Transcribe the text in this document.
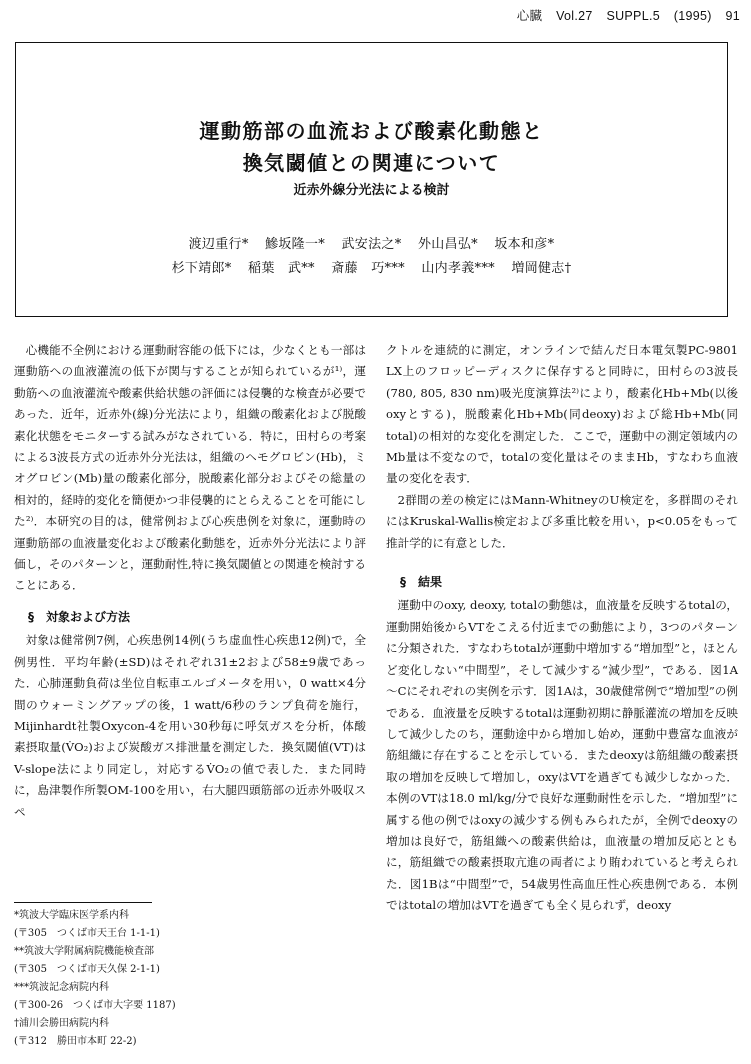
心臓 Vol.27 SUPPL.5 (1995) 91
運動筋部の血流および酸素化動態と
換気閾値との関連について
近赤外線分光法による検討
渡辺重行* 鰺坂隆一* 武安法之* 外山昌弘* 坂本和彦*
杉下靖郎* 稲葉　武** 斎藤　巧*** 山内孝義*** 増岡健志†

心機能不全例における運動耐容能の低下には，少なくとも一部は運動筋への血液灌流の低下が関与することが知られているが¹⁾，運動筋への血液灌流や酸素供給状態の評価には侵襲的な検査が必要であった．近年，近赤外(線)分光法により，組織の酸素化および脱酸素化状態をモニターする試みがなされている．特に，田村らの考案による3波長方式の近赤外分光法は，組織のヘモグロビン(Hb)，ミオグロビン(Mb)量の酸素化部分，脱酸素化部分およびその総量の相対的，経時的変化を簡便かつ非侵襲的にとらえることを可能にした²⁾．本研究の目的は，健常例および心疾患例を対象に，運動時の運動筋部の血液量変化および酸素化動態を，近赤外分光法により評価し，そのパターンと，運動耐性,特に換気閾値との関連を検討することにある．

§　対象および方法

対象は健常例7例，心疾患例14例(うち虚血性心疾患12例)で，全例男性．平均年齢(±SD)はそれぞれ31±2および58±9歳であった．心肺運動負荷は坐位自転車エルゴメータを用い，0 watt×4分間のウォーミングアップの後，1 watt/6秒のランプ負荷を施行，Mijinhardt社製Oxycon-4を用い30秒毎に呼気ガスを分析，体酸素摂取量(V̇O₂)および炭酸ガス排泄量を測定した．換気閾値(VT)はV-slope法により同定し，対応するV̇O₂の値で表した．また同時に，島津製作所製OM-100を用い，右大腿四頭筋部の近赤外吸収スペ

*筑波大学臨床医学系内科
(〒305　つくば市天王台 1-1-1)
**筑波大学附属病院機能検査部
(〒305　つくば市天久保 2-1-1)
***筑波記念病院内科
(〒300-26　つくば市大字要 1187)
†浦川会勝田病院内科
(〒312　勝田市本町 22-2)

クトルを連続的に測定，オンラインで結んだ日本電気製PC-9801 LX上のフロッピーディスクに保存すると同時に，田村らの3波長(780, 805, 830 nm)吸光度演算法²⁾により，酸素化Hb+Mb(以後oxyとする)，脱酸素化Hb+Mb(同deoxy)および総Hb+Mb(同total)の相対的な変化を測定した．ここで，運動中の測定領域内のMb量は不変なので，totalの変化量はそのままHb，すなわち血液量の変化を表す．

2群間の差の検定にはMann-WhitneyのU検定を，多群間のそれにはKruskal-Wallis検定および多重比較を用い，p<0.05をもって推計学的に有意とした．

§　結果

運動中のoxy, deoxy, totalの動態は，血液量を反映するtotalの，運動開始後からVTをこえる付近までの動態により，3つのパターンに分類された．すなわちtotalが運動中増加する“増加型”と，ほとんど変化しない“中間型”，そして減少する“減少型”，である．図1A～Cにそれぞれの実例を示す．図1Aは，30歳健常例で“増加型”の例である．血液量を反映するtotalは運動初期に静脈灌流の増加を反映して減少したのち，運動途中から増加し始め，運動中豊富な血液が筋組織に存在することを示している．またdeoxyは筋組織の酸素摂取の増加を反映して増加し，oxyはVTを過ぎても減少しなかった．本例のVTは18.0 ml/kg/分で良好な運動耐性を示した．“増加型”に属する他の例ではoxyの減少する例もみられたが，全例でdeoxyの増加は良好で，筋組織への酸素供給は，血液量の増加反応とともに，筋組織での酸素摂取亢進の両者により賄われていると考えられた．図1Bは“中間型”で，54歳男性高血圧性心疾患例である．本例ではtotalの増加はVTを過ぎても全く見られず，deoxy
